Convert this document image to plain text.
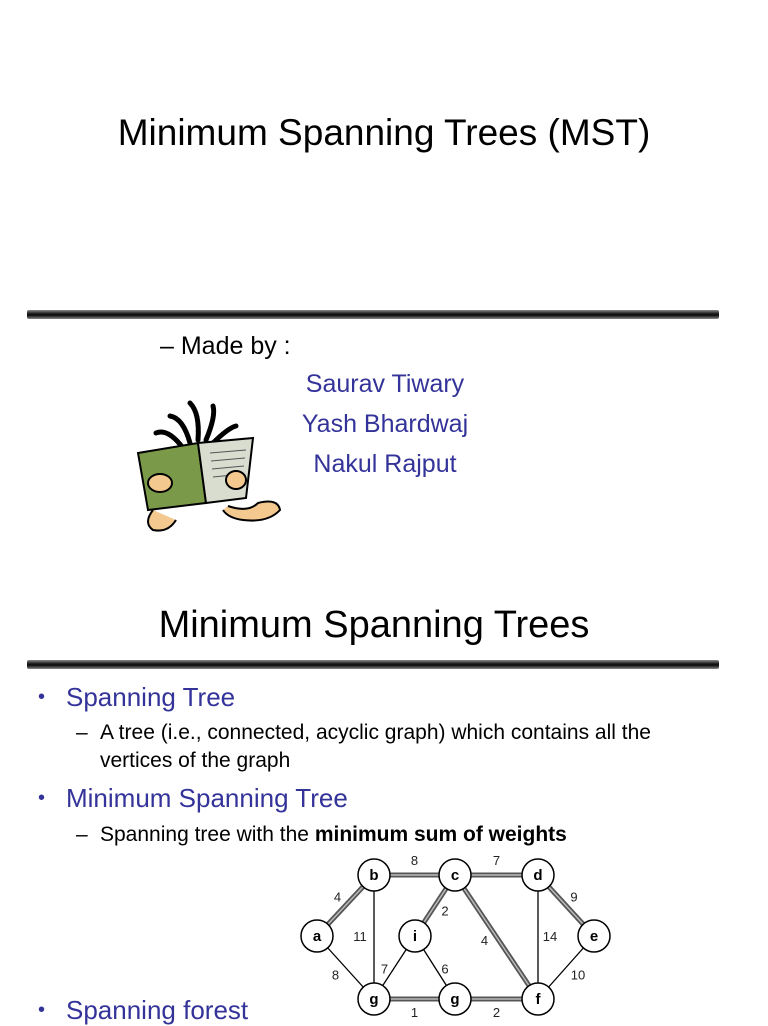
Minimum Spanning Trees (MST)
– Made by :
Saurav Tiwary
Yash Bhardwaj
Nakul Rajput
Minimum Spanning Trees
• Spanning Tree
– A tree (i.e., connected, acyclic graph) which contains all the vertices of the graph
• Minimum Spanning Tree
– Spanning tree with the minimum sum of weights
• Spanning forest
4
8	7
9
8
11
2
7	6
4	14
10
1	2
a
b	c	d
e
i
g	g	f
